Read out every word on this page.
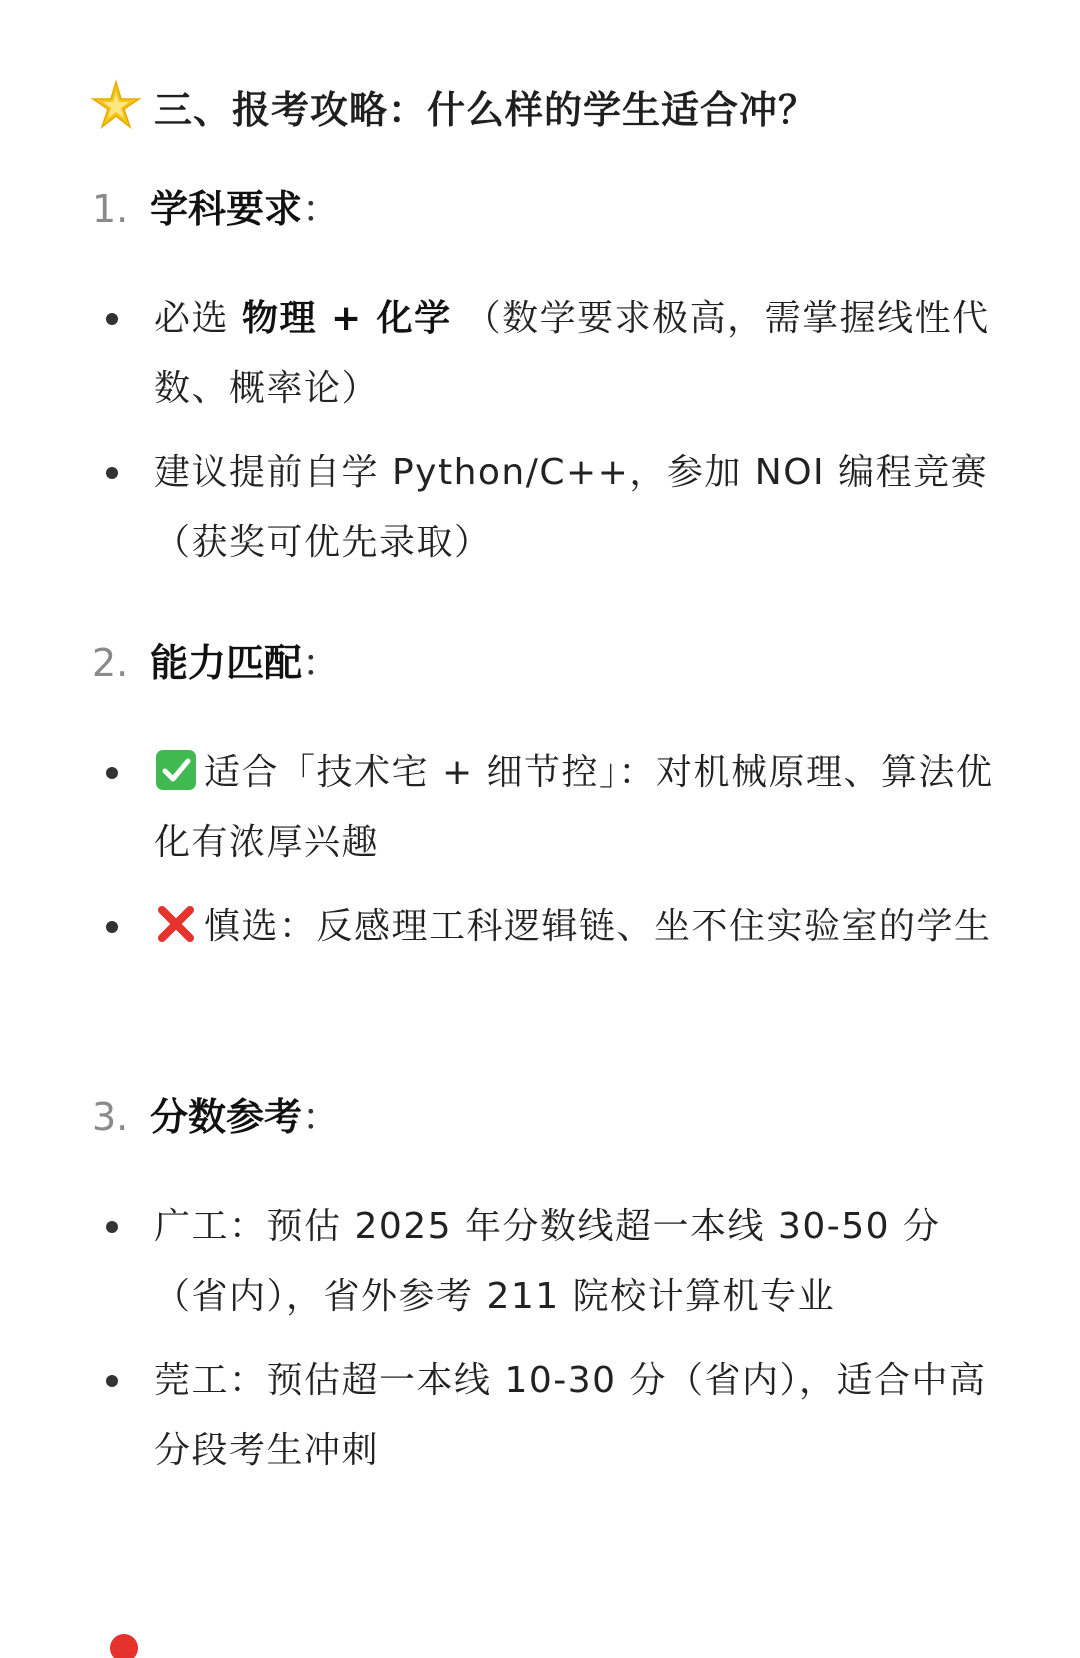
三、报考攻略：什么样的学生适合冲？
1. 学科要求 ：
必选 物理 + 化学 （数学要求极高，需掌握线性代数、概率论）
建议提前自学 Python/C++，参加 NOI 编程竞赛（获奖可优先录取）
2. 能力匹配 ：
适合「技术宅 + 细节控」：对机械原理、算法优化有浓厚兴趣
慎选：反感理工科逻辑链、坐不住实验室的学生
3. 分数参考 ：
广工：预估 2025 年分数线超一本线 30-50 分（省内），省外参考 211 院校计算机专业
莞工：预估超一本线 10-30 分（省内），适合中高分段考生冲刺
